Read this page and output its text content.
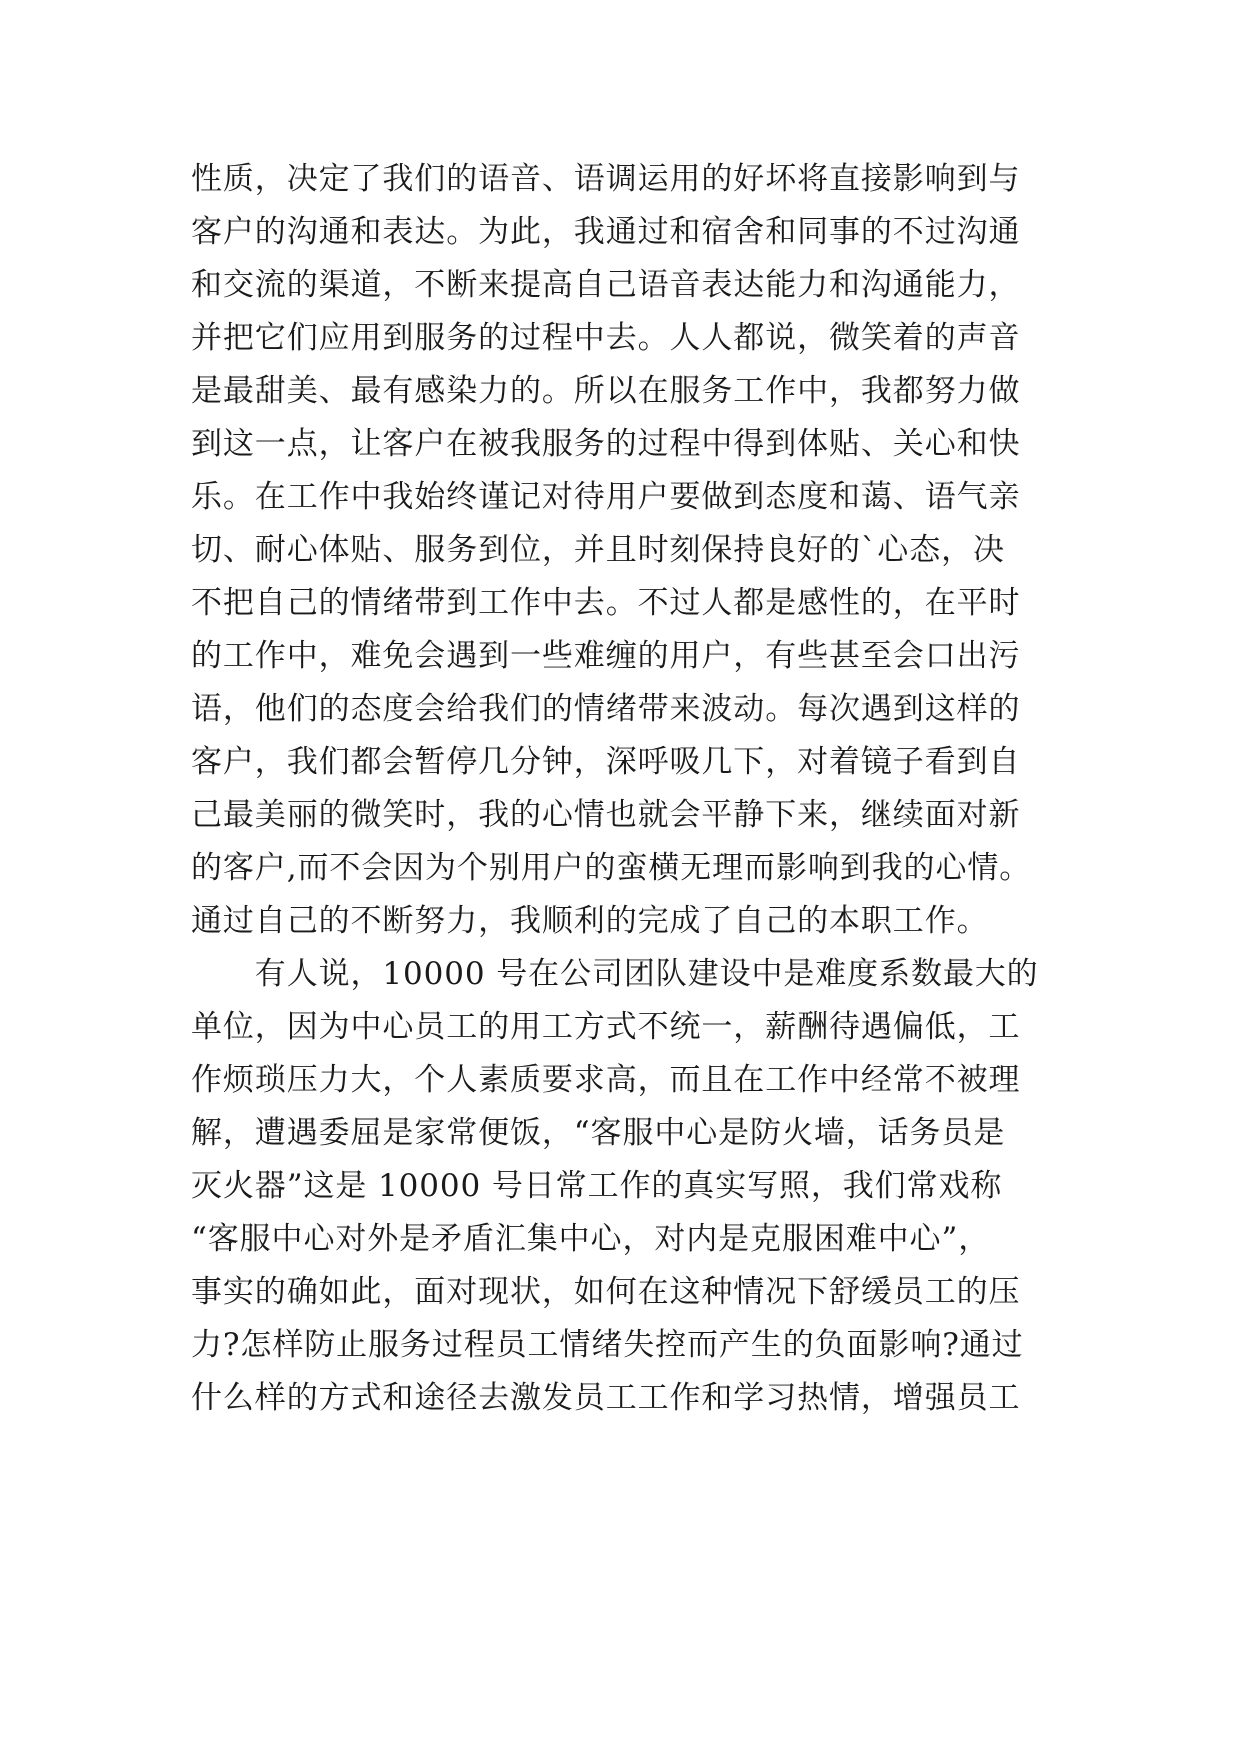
性质，决定了我们的语音、语调运用的好坏将直接影响到与
客户的沟通和表达。为此，我通过和宿舍和同事的不过沟通
和交流的渠道，不断来提高自己语音表达能力和沟通能力，
并把它们应用到服务的过程中去。人人都说，微笑着的声音
是最甜美、最有感染力的。所以在服务工作中，我都努力做
到这一点，让客户在被我服务的过程中得到体贴、关心和快
乐。在工作中我始终谨记对待用户要做到态度和蔼、语气亲
切、耐心体贴、服务到位，并且时刻保持良好的`心态，决
不把自己的情绪带到工作中去。不过人都是感性的，在平时
的工作中，难免会遇到一些难缠的用户，有些甚至会口出污
语，他们的态度会给我们的情绪带来波动。每次遇到这样的
客户，我们都会暂停几分钟，深呼吸几下，对着镜子看到自
己最美丽的微笑时，我的心情也就会平静下来，继续面对新
的客户,而不会因为个别用户的蛮横无理而影响到我的心情。
通过自己的不断努力，我顺利的完成了自己的本职工作。
　　有人说，10000 号在公司团队建设中是难度系数最大的
单位，因为中心员工的用工方式不统一，薪酬待遇偏低，工
作烦琐压力大，个人素质要求高，而且在工作中经常不被理
解，遭遇委屈是家常便饭，“客服中心是防火墙，话务员是
灭火器”这是 10000 号日常工作的真实写照，我们常戏称
“客服中心对外是矛盾汇集中心，对内是克服困难中心”，
事实的确如此，面对现状，如何在这种情况下舒缓员工的压
力?怎样防止服务过程员工情绪失控而产生的负面影响?通过
什么样的方式和途径去激发员工工作和学习热情，增强员工
